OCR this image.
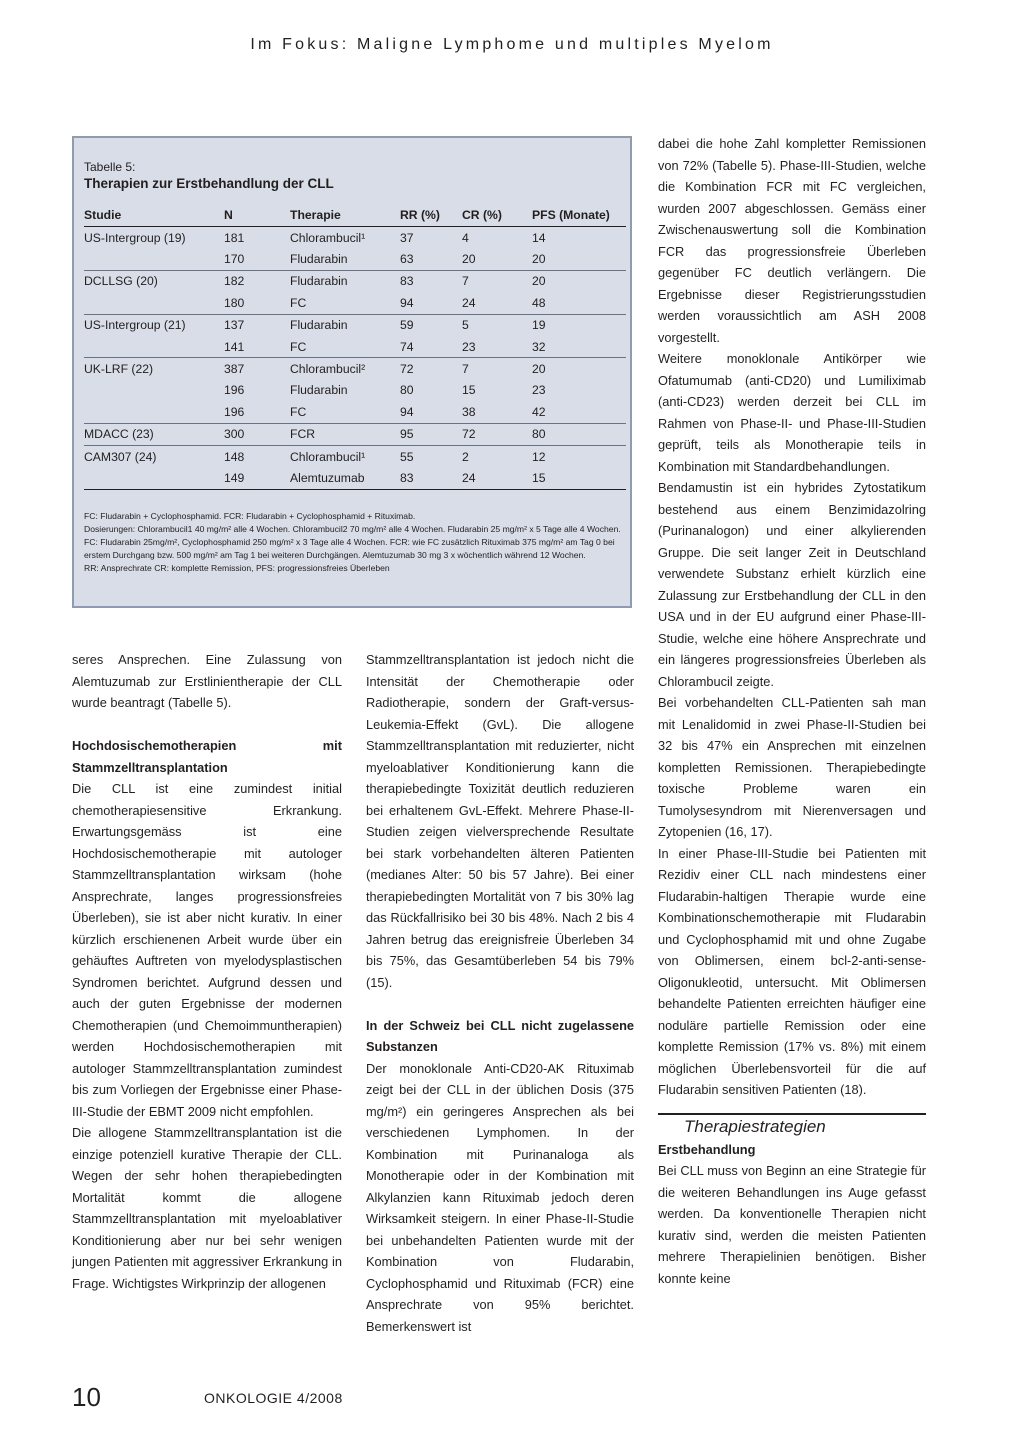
Im Fokus: Maligne Lymphome und multiples Myelom
Tabelle 5:
Therapien zur Erstbehandlung der CLL
Studie	N	Therapie	RR (%)	CR (%)	PFS (Monate)
US-Intergroup (19)	181	Chlorambucil¹	37	4	14
	170	Fludarabin	63	20	20
DCLLSG (20)	182	Fludarabin	83	7	20
	180	FC	94	24	48
US-Intergroup (21)	137	Fludarabin	59	5	19
	141	FC	74	23	32
UK-LRF (22)	387	Chlorambucil²	72	7	20
	196	Fludarabin	80	15	23
	196	FC	94	38	42
MDACC (23)	300	FCR	95	72	80
CAM307 (24)	148	Chlorambucil¹	55	2	12
	149	Alemtuzumab	83	24	15
FC: Fludarabin + Cyclophosphamid. FCR: Fludarabin + Cyclophosphamid + Rituximab.
Dosierungen: Chlorambucil1 40 mg/m² alle 4 Wochen. Chlorambucil2 70 mg/m² alle 4 Wochen. Fludarabin 25 mg/m² x 5 Tage alle 4 Wochen. FC: Fludarabin 25mg/m², Cyclophosphamid 250 mg/m² x 3 Tage alle 4 Wochen. FCR: wie FC zusätzlich Rituximab 375 mg/m² am Tag 0 bei erstem Durchgang bzw. 500 mg/m² am Tag 1 bei weiteren Durchgängen. Alemtuzumab 30 mg 3 x wöchentlich während 12 Wochen.
RR: Ansprechrate CR: komplette Remission, PFS: progressionsfreies Überleben

seres Ansprechen. Eine Zulassung von Alemtuzumab zur Erstlinientherapie der CLL wurde beantragt (Tabelle 5).

Hochdosischemotherapien mit Stammzelltransplantation

Die CLL ist eine zumindest initial chemotherapiesensitive Erkrankung. Erwartungsgemäss ist eine Hochdosischemotherapie mit autologer Stammzelltransplantation wirksam (hohe Ansprechrate, langes progressionsfreies Überleben), sie ist aber nicht kurativ. In einer kürzlich erschienenen Arbeit wurde über ein gehäuftes Auftreten von myelodysplastischen Syndromen berichtet. Aufgrund dessen und auch der guten Ergebnisse der modernen Chemotherapien (und Chemoimmuntherapien) werden Hochdosischemotherapien mit autologer Stammzelltransplantation zumindest bis zum Vorliegen der Ergebnisse einer Phase-III-Studie der EBMT 2009 nicht empfohlen.

Die allogene Stammzelltransplantation ist die einzige potenziell kurative Therapie der CLL. Wegen der sehr hohen therapiebedingten Mortalität kommt die allogene Stammzelltransplantation mit myeloablativer Konditionierung aber nur bei sehr wenigen jungen Patienten mit aggressiver Erkrankung in Frage. Wichtigstes Wirkprinzip der allogenen

Stammzelltransplantation ist jedoch nicht die Intensität der Chemotherapie oder Radiotherapie, sondern der Graft-versus-Leukemia-Effekt (GvL). Die allogene Stammzelltransplantation mit reduzierter, nicht myeloablativer Konditionierung kann die therapiebedingte Toxizität deutlich reduzieren bei erhaltenem GvL-Effekt. Mehrere Phase-II-Studien zeigen vielversprechende Resultate bei stark vorbehandelten älteren Patienten (medianes Alter: 50 bis 57 Jahre). Bei einer therapiebedingten Mortalität von 7 bis 30% lag das Rückfallrisiko bei 30 bis 48%. Nach 2 bis 4 Jahren betrug das ereignisfreie Überleben 34 bis 75%, das Gesamtüberleben 54 bis 79% (15).

In der Schweiz bei CLL nicht zugelassene Substanzen

Der monoklonale Anti-CD20-AK Rituximab zeigt bei der CLL in der üblichen Dosis (375 mg/m²) ein geringeres Ansprechen als bei verschiedenen Lymphomen. In der Kombination mit Purinanaloga als Monotherapie oder in der Kombination mit Alkylanzien kann Rituximab jedoch deren Wirksamkeit steigern. In einer Phase-II-Studie bei unbehandelten Patienten wurde mit der Kombination von Fludarabin, Cyclophosphamid und Rituximab (FCR) eine Ansprechrate von 95% berichtet. Bemerkenswert ist

dabei die hohe Zahl kompletter Remissionen von 72% (Tabelle 5). Phase-III-Studien, welche die Kombination FCR mit FC vergleichen, wurden 2007 abgeschlossen. Gemäss einer Zwischenauswertung soll die Kombination FCR das progressionsfreie Überleben gegenüber FC deutlich verlängern. Die Ergebnisse dieser Registrierungsstudien werden voraussichtlich am ASH 2008 vorgestellt.

Weitere monoklonale Antikörper wie Ofatumumab (anti-CD20) und Lumiliximab (anti-CD23) werden derzeit bei CLL im Rahmen von Phase-II- und Phase-III-Studien geprüft, teils als Monotherapie teils in Kombination mit Standardbehandlungen.

Bendamustin ist ein hybrides Zytostatikum bestehend aus einem Benzimidazolring (Purinanalogon) und einer alkylierenden Gruppe. Die seit langer Zeit in Deutschland verwendete Substanz erhielt kürzlich eine Zulassung zur Erstbehandlung der CLL in den USA und in der EU aufgrund einer Phase-III-Studie, welche eine höhere Ansprechrate und ein längeres progressionsfreies Überleben als Chlorambucil zeigte.

Bei vorbehandelten CLL-Patienten sah man mit Lenalidomid in zwei Phase-II-Studien bei 32 bis 47% ein Ansprechen mit einzelnen kompletten Remissionen. Therapiebedingte toxische Probleme waren ein Tumolysesyndrom mit Nierenversagen und Zytopenien (16, 17).

In einer Phase-III-Studie bei Patienten mit Rezidiv einer CLL nach mindestens einer Fludarabin-haltigen Therapie wurde eine Kombinationschemotherapie mit Fludarabin und Cyclophosphamid mit und ohne Zugabe von Oblimersen, einem bcl-2-anti-sense-Oligonukleotid, untersucht. Mit Oblimersen behandelte Patienten erreichten häufiger eine noduläre partielle Remission oder eine komplette Remission (17% vs. 8%) mit einem möglichen Überlebensvorteil für die auf Fludarabin sensitiven Patienten (18).

Therapiestrategien
Erstbehandlung

Bei CLL muss von Beginn an eine Strategie für die weiteren Behandlungen ins Auge gefasst werden. Da konventionelle Therapien nicht kurativ sind, werden die meisten Patienten mehrere Therapielinien benötigen. Bisher konnte keine

10	ONKOLOGIE 4/2008
